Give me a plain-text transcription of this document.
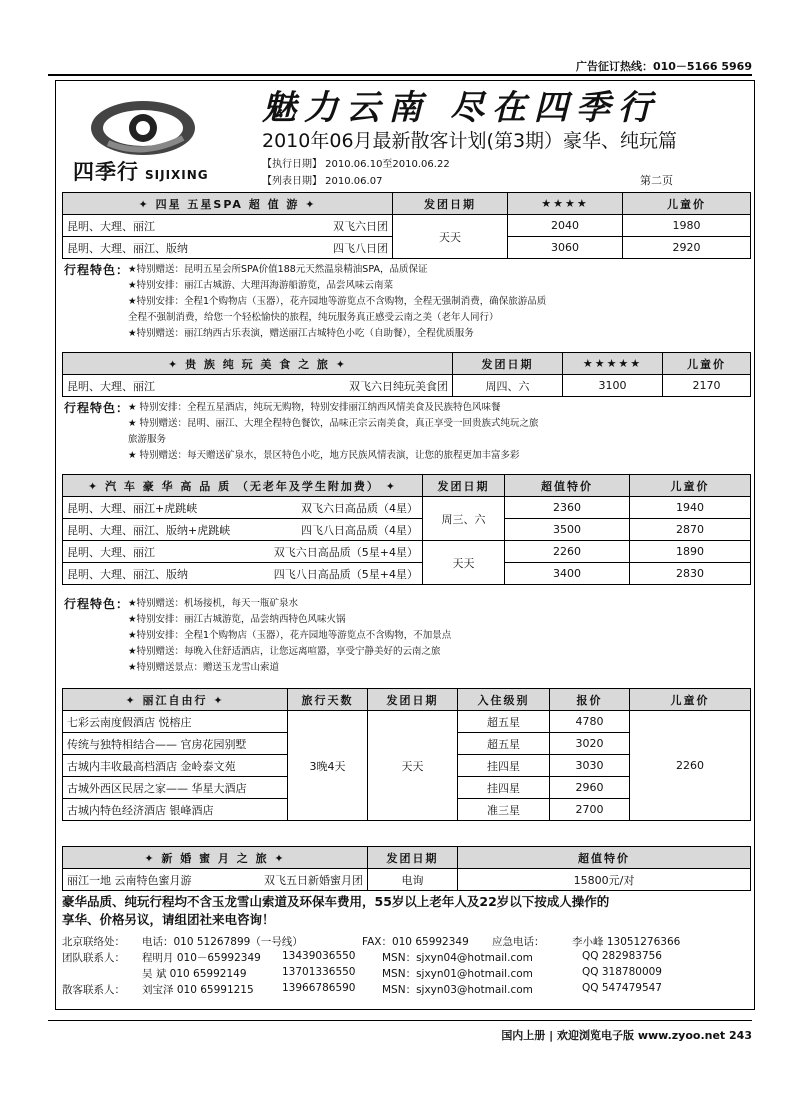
广告征订热线：010－5166 5969
四季行 SIJIXING
魅力云南 尽在四季行
2010年06月最新散客计划(第3期）豪华、纯玩篇
【执行日期】 2010.06.10至2010.06.22
【列表日期】 2010.06.07	第二页
✦ 四星 五星SPA 超 值 游 ✦	发团日期	★★★★	儿童价

昆明、大理、丽江 双飞六日团	天天	2040	1980

昆明、大理、丽江、版纳 四飞八日团		3060	2920
行程特色：
★特别赠送：昆明五星会所SPA价值188元天然温泉精油SPA，品质保证
★特别安排：丽江古城游、大理洱海游船游览，品尝风味云南菜
★特别安排：全程1个购物店（玉器），花卉园地等游览点不含购物，全程无强制消费，确保旅游品质
全程不强制消费，给您一个轻松愉快的旅程，纯玩服务真正感受云南之美（老年人同行）
★特别赠送：丽江纳西古乐表演，赠送丽江古城特色小吃（自助餐），全程优质服务
✦ 贵 族 纯 玩 美 食 之 旅 ✦	发团日期	★★★★★	儿童价

昆明、大理、丽江 双飞六日纯玩美食团	周四、六	3100	2170
行程特色：
★ 特别安排：全程五星酒店，纯玩无购物，特别安排丽江纳西风情美食及民族特色风味餐
★ 特别赠送：昆明、丽江、大理全程特色餐饮，品味正宗云南美食，真正享受一回贵族式纯玩之旅
旅游服务
★ 特别赠送：每天赠送矿泉水，景区特色小吃，地方民族风情表演，让您的旅程更加丰富多彩
✦ 汽 车 豪 华 高 品 质 （无老年及学生附加费） ✦	发团日期	超值特价	儿童价

昆明、大理、丽江+虎跳峡 双飞六日高品质（4星）	周三、六	2360	1940

昆明、大理、丽江、版纳+虎跳峡 四飞八日高品质（4星）		3500	2870

昆明、大理、丽江 双飞六日高品质（5星+4星）	天天	2260	1890

昆明、大理、丽江、版纳 四飞八日高品质（5星+4星）		3400	2830
行程特色：
★特别赠送：机场接机，每天一瓶矿泉水
★特别安排：丽江古城游览，品尝纳西特色风味火锅
★特别安排：全程1个购物店（玉器），花卉园地等游览点不含购物，不加景点
★特别赠送：每晚入住舒适酒店，让您远离喧嚣，享受宁静美好的云南之旅
★特别赠送景点：赠送玉龙雪山索道
✦ 丽江自由行 ✦	旅行天数	发团日期	入住级别	报价	儿童价
七彩云南度假酒店 悦榕庄	3晚4天	天天	超五星	4780	2260
传统与独特相结合—— 官房花园别墅			超五星	3020	
古城内丰收最高档酒店 金岭泰文苑			挂四星	3030	
古城外西区民居之家—— 华星大酒店			挂四星	2960	
古城内特色经济酒店 银峰酒店			准三星	2700	
✦ 新 婚 蜜 月 之 旅 ✦	发团日期	超值特价

丽江一地 云南特色蜜月游 双飞五日新婚蜜月团	电询	15800元/对
豪华品质、纯玩行程均不含玉龙雪山索道及环保车费用，55岁以上老年人及22岁以下按成人操作的
享华、价格另议，请组团社来电咨询！
北京联络处： 电话：010 51267899（一号线）	FAX：010 65992349 应急电话：	李小峰 13051276366
团队联系人： 程明月 010－65992349 13439036550	MSN：sjxyn04@hotmail.com	QQ 282983756
吴 斌 010 65992149	13701336550	MSN：sjxyn01@hotmail.com	QQ 318780009
散客联系人： 刘宝泽 010 65991215	13966786590	MSN：sjxyn03@hotmail.com	QQ 547479547
国内上册 | 欢迎浏览电子版 www.zyoo.net 243
